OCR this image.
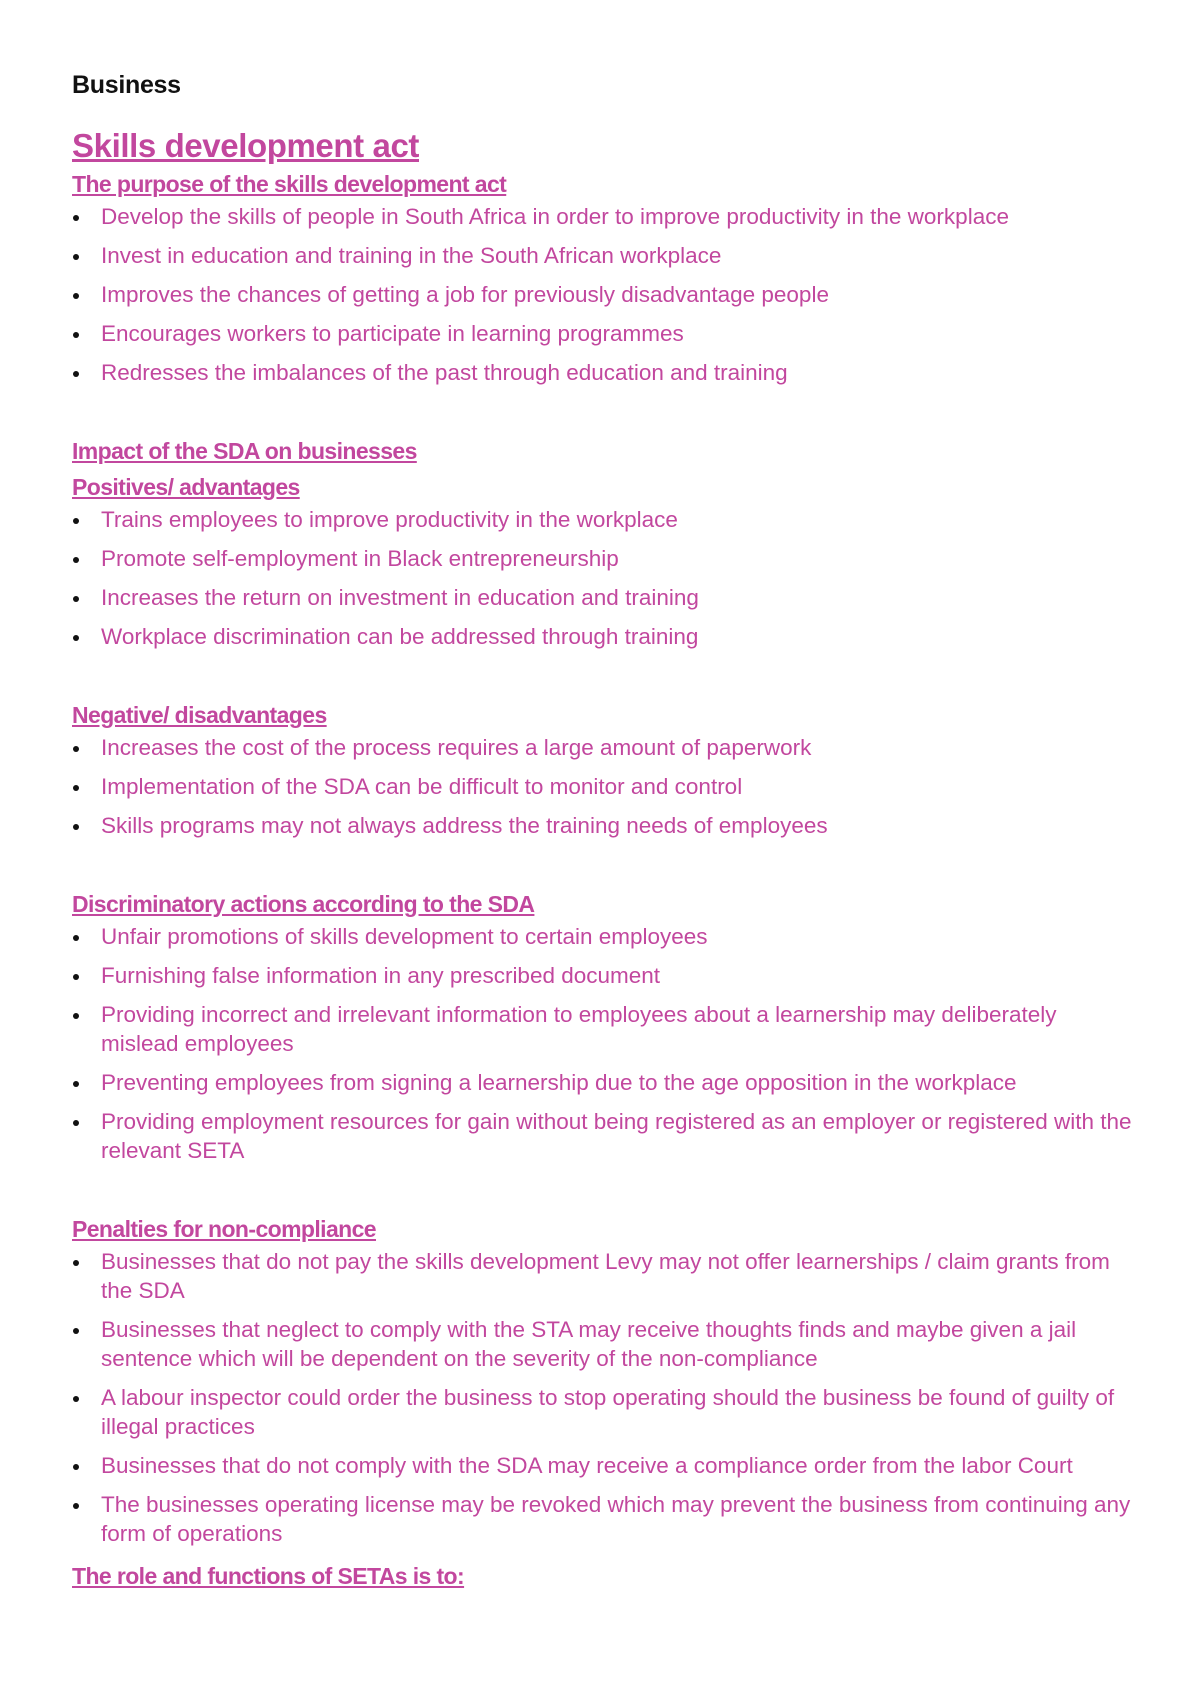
Business
Skills development act
The purpose of the skills development act
Develop the skills of people in South Africa in order to improve productivity in the workplace
Invest in education and training in the South African workplace
Improves the chances of getting a job for previously disadvantage people
Encourages workers to participate in learning programmes
Redresses the imbalances of the past through education and training
Impact of the SDA on businesses
Positives/ advantages
Trains employees to improve productivity in the workplace
Promote self-employment in Black entrepreneurship
Increases the return on investment in education and training
Workplace discrimination can be addressed through training
Negative/ disadvantages
Increases the cost of the process requires a large amount of paperwork
Implementation of the SDA can be difficult to monitor and control
Skills programs may not always address the training needs of employees
Discriminatory actions according to the SDA
Unfair promotions of skills development to certain employees
Furnishing false information in any prescribed document
Providing incorrect and irrelevant information to employees about a learnership may deliberately mislead employees
Preventing employees from signing a learnership due to the age opposition in the workplace
Providing employment resources for gain without being registered as an employer or registered with the relevant SETA
Penalties for non-compliance
Businesses that do not pay the skills development Levy may not offer learnerships / claim grants from the SDA
Businesses that neglect to comply with the STA may receive thoughts finds and maybe given a jail sentence which will be dependent on the severity of the non-compliance
A labour inspector could order the business to stop operating should the business be found of guilty of illegal practices
Businesses that do not comply with the SDA may receive a compliance order from the labor Court
The businesses operating license may be revoked which may prevent the business from continuing any form of operations
The role and functions of SETAs is to:
